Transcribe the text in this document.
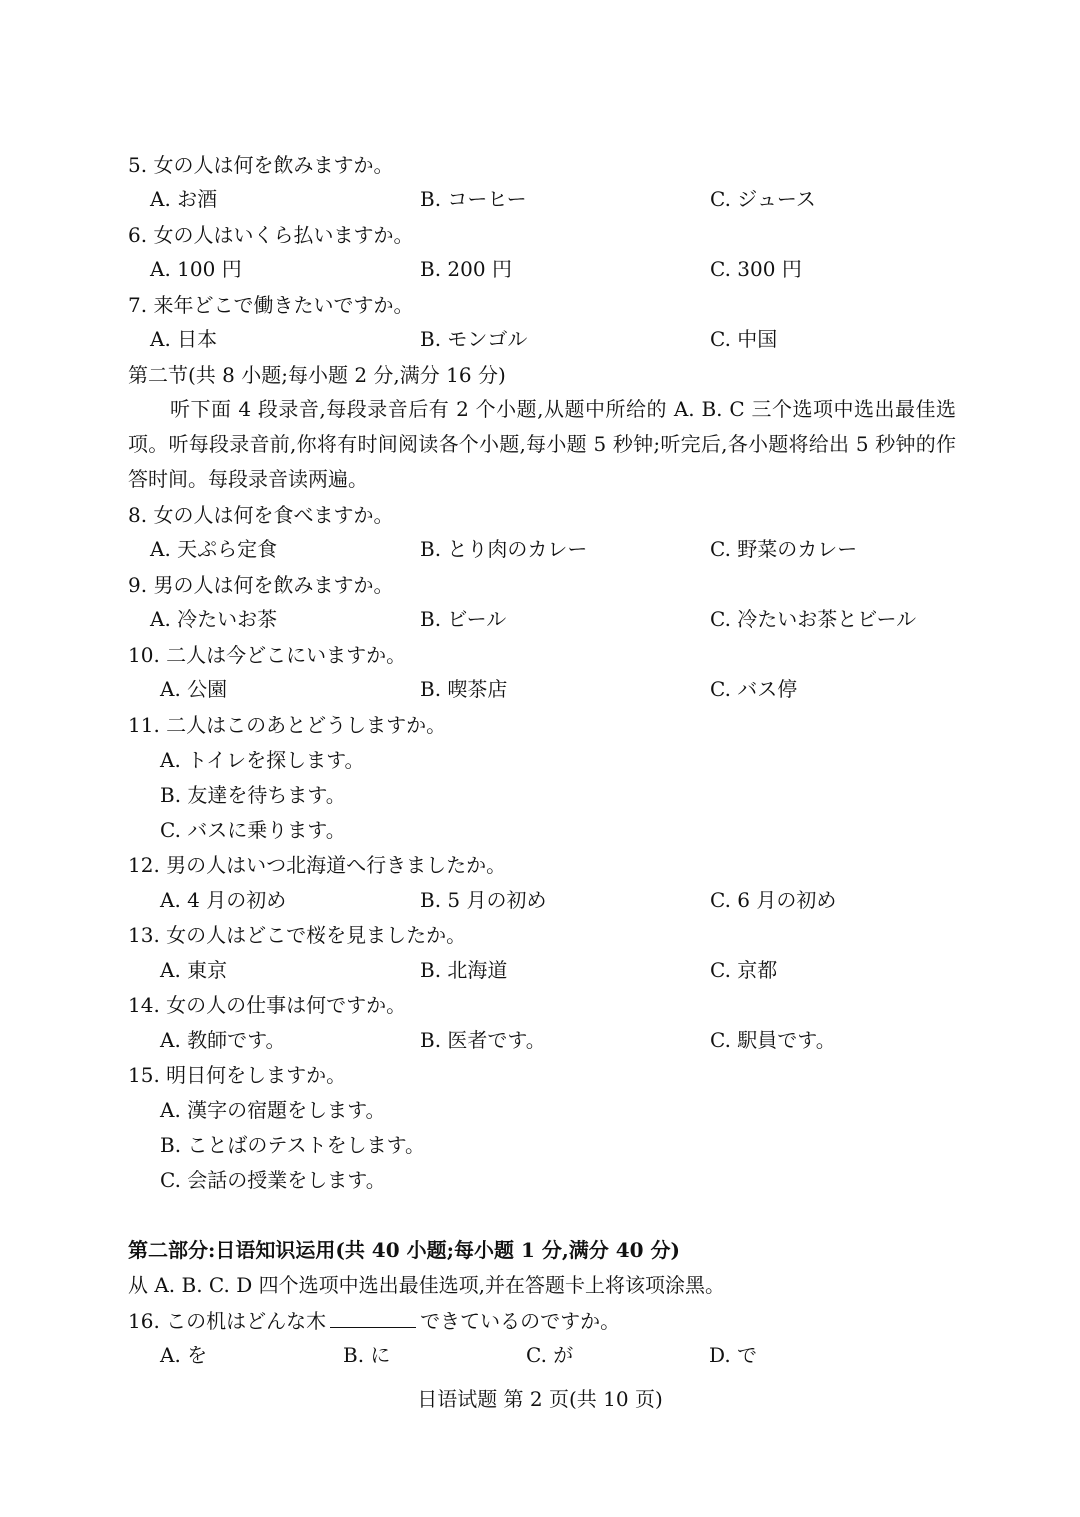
5. 女の人は何を飲みますか。
A. お酒	B. コーヒー	C. ジュース
6. 女の人はいくら払いますか。
A. 100 円	B. 200 円	C. 300 円
7. 来年どこで働きたいですか。
A. 日本	B. モンゴル	C. 中国
第二节(共 8 小题;每小题 2 分,满分 16 分)
听下面 4 段录音,每段录音后有 2 个小题,从题中所给的 A. B. C 三个选项中选出最佳选项。听每段录音前,你将有时间阅读各个小题,每小题 5 秒钟;听完后,各小题将给出 5 秒钟的作答时间。每段录音读两遍。
8. 女の人は何を食べますか。
A. 天ぷら定食	B. とり肉のカレー	C. 野菜のカレー
9. 男の人は何を飲みますか。
A. 冷たいお茶	B. ビール	C. 冷たいお茶とビール
10. 二人は今どこにいますか。
A. 公園	B. 喫茶店	C. バス停
11. 二人はこのあとどうしますか。
A. トイレを探します。
B. 友達を待ちます。
C. バスに乗ります。
12. 男の人はいつ北海道へ行きましたか。
A. 4 月の初め	B. 5 月の初め	C. 6 月の初め
13. 女の人はどこで桜を見ましたか。
A. 東京	B. 北海道	C. 京都
14. 女の人の仕事は何ですか。
A. 教師です。	B. 医者です。	C. 駅員です。
15. 明日何をしますか。
A. 漢字の宿題をします。
B. ことばのテストをします。
C. 会話の授業をします。
第二部分:日语知识运用(共 40 小题;每小题 1 分,满分 40 分)
从 A. B. C. D 四个选项中选出最佳选项,并在答题卡上将该项涂黑。
16. この机はどんな木	できているのですか。
A. を	B. に	C. が	D. で
日语试题 第 2 页(共 10 页)
